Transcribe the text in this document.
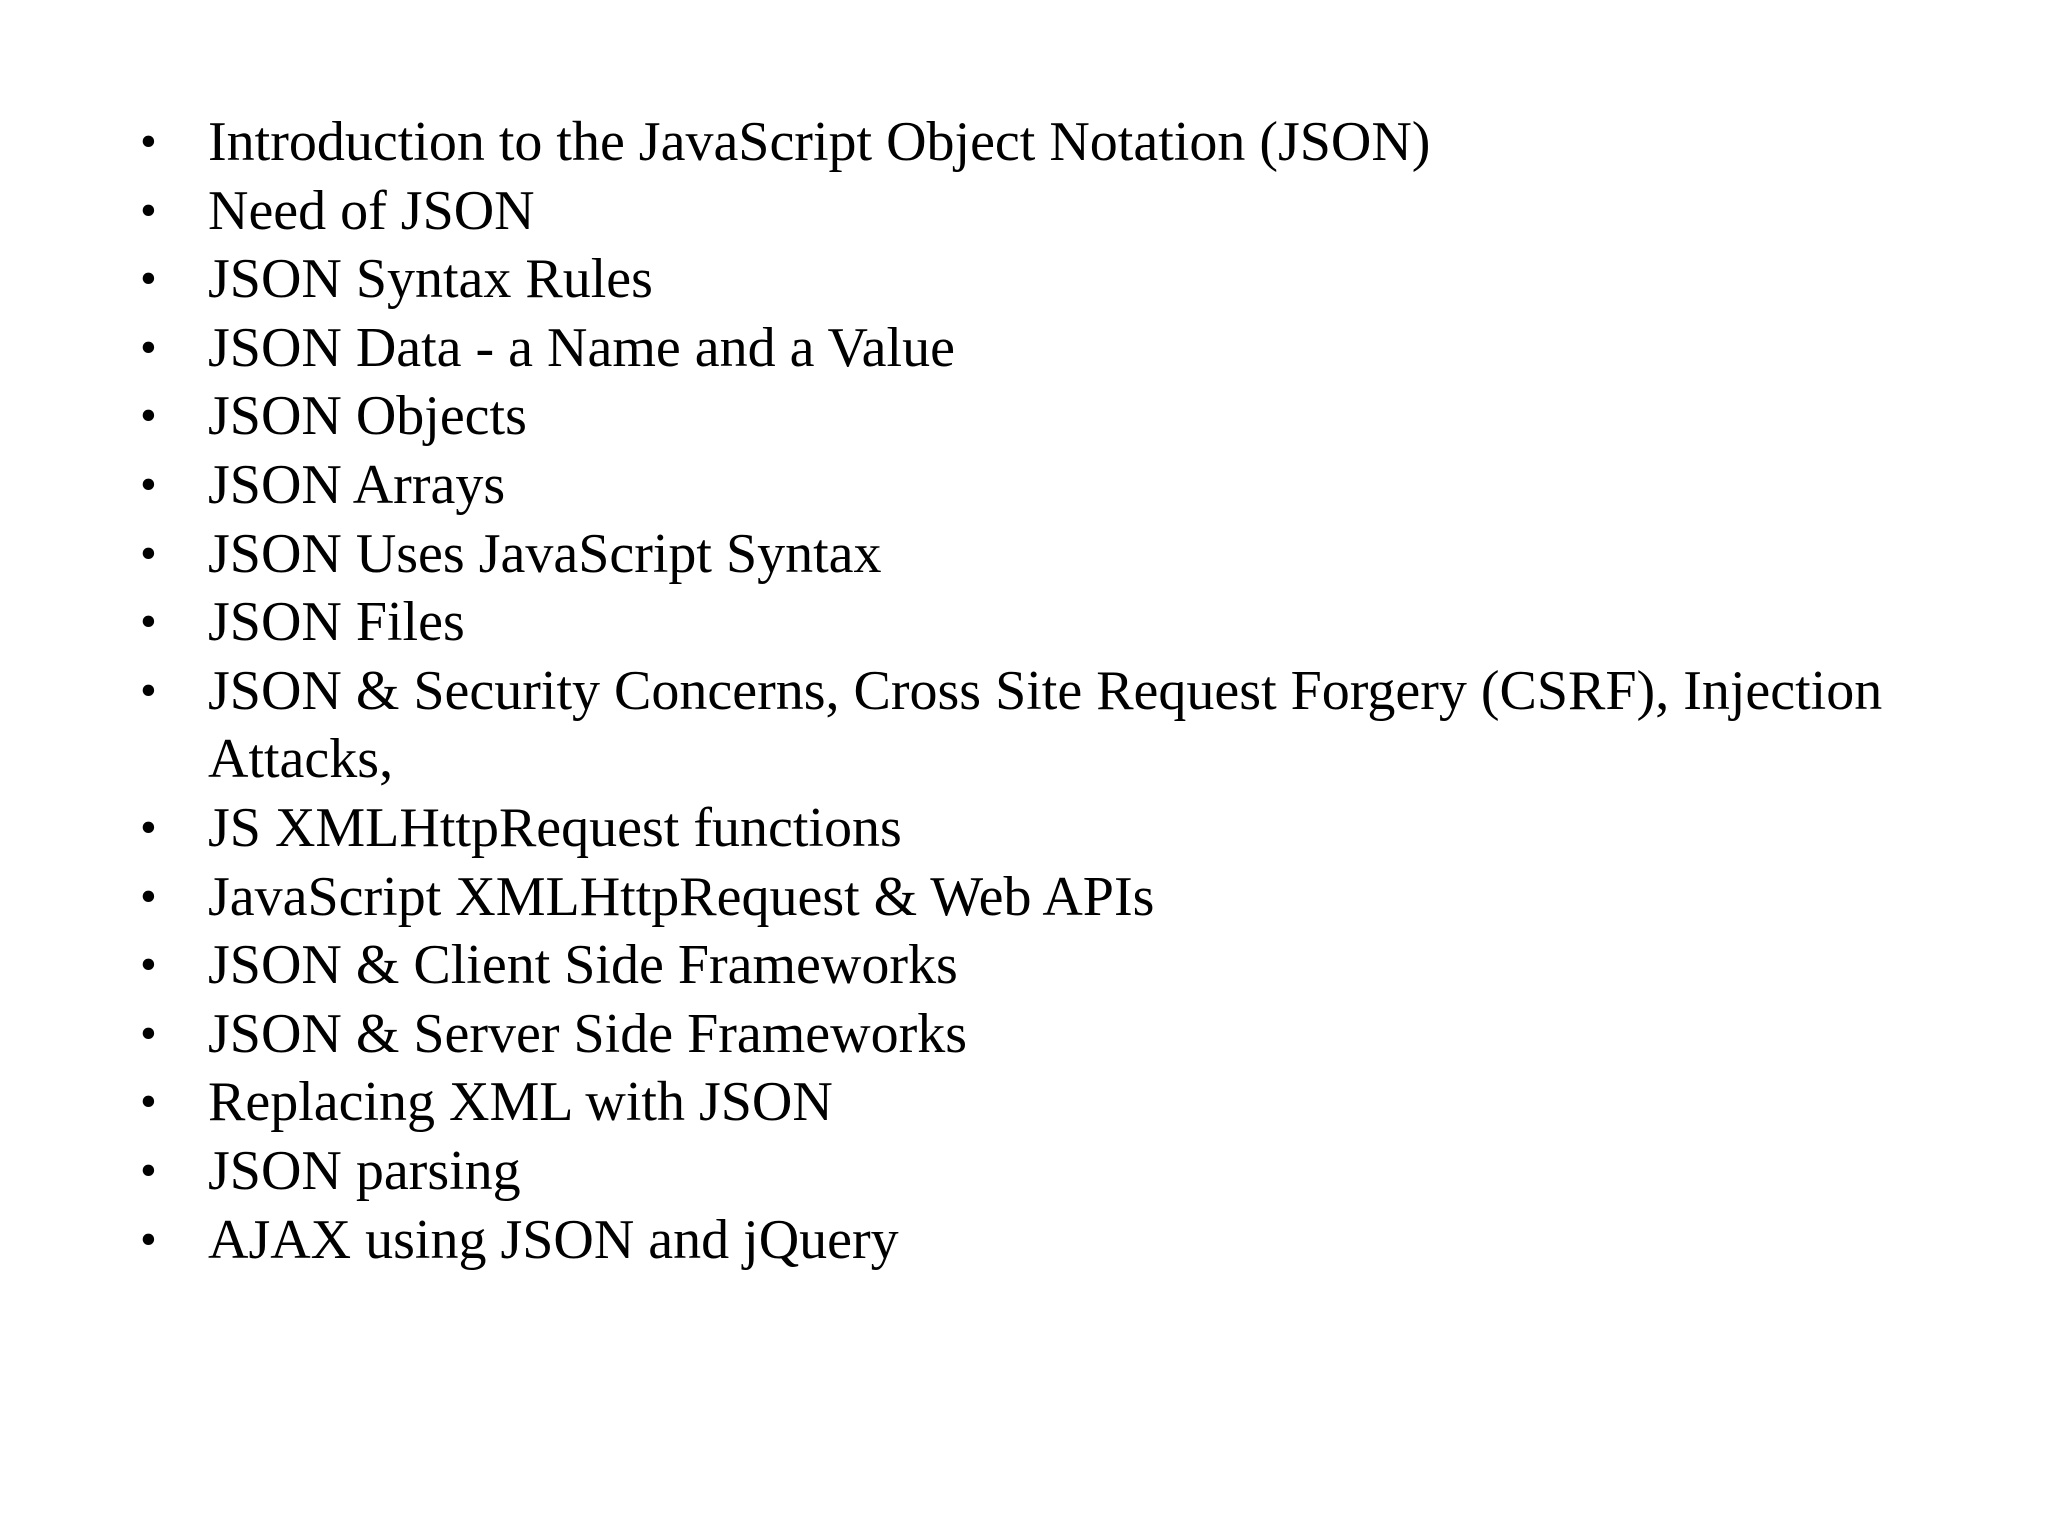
• Introduction to the JavaScript Object Notation (JSON)
• Need of JSON
• JSON Syntax Rules
• JSON Data - a Name and a Value
• JSON Objects
• JSON Arrays
• JSON Uses JavaScript Syntax
• JSON Files
• JSON & Security Concerns, Cross Site Request Forgery (CSRF), Injection Attacks,
• JS XMLHttpRequest functions
• JavaScript XMLHttpRequest & Web APIs
• JSON & Client Side Frameworks
• JSON & Server Side Frameworks
• Replacing XML with JSON
• JSON parsing
• AJAX using JSON and jQuery
